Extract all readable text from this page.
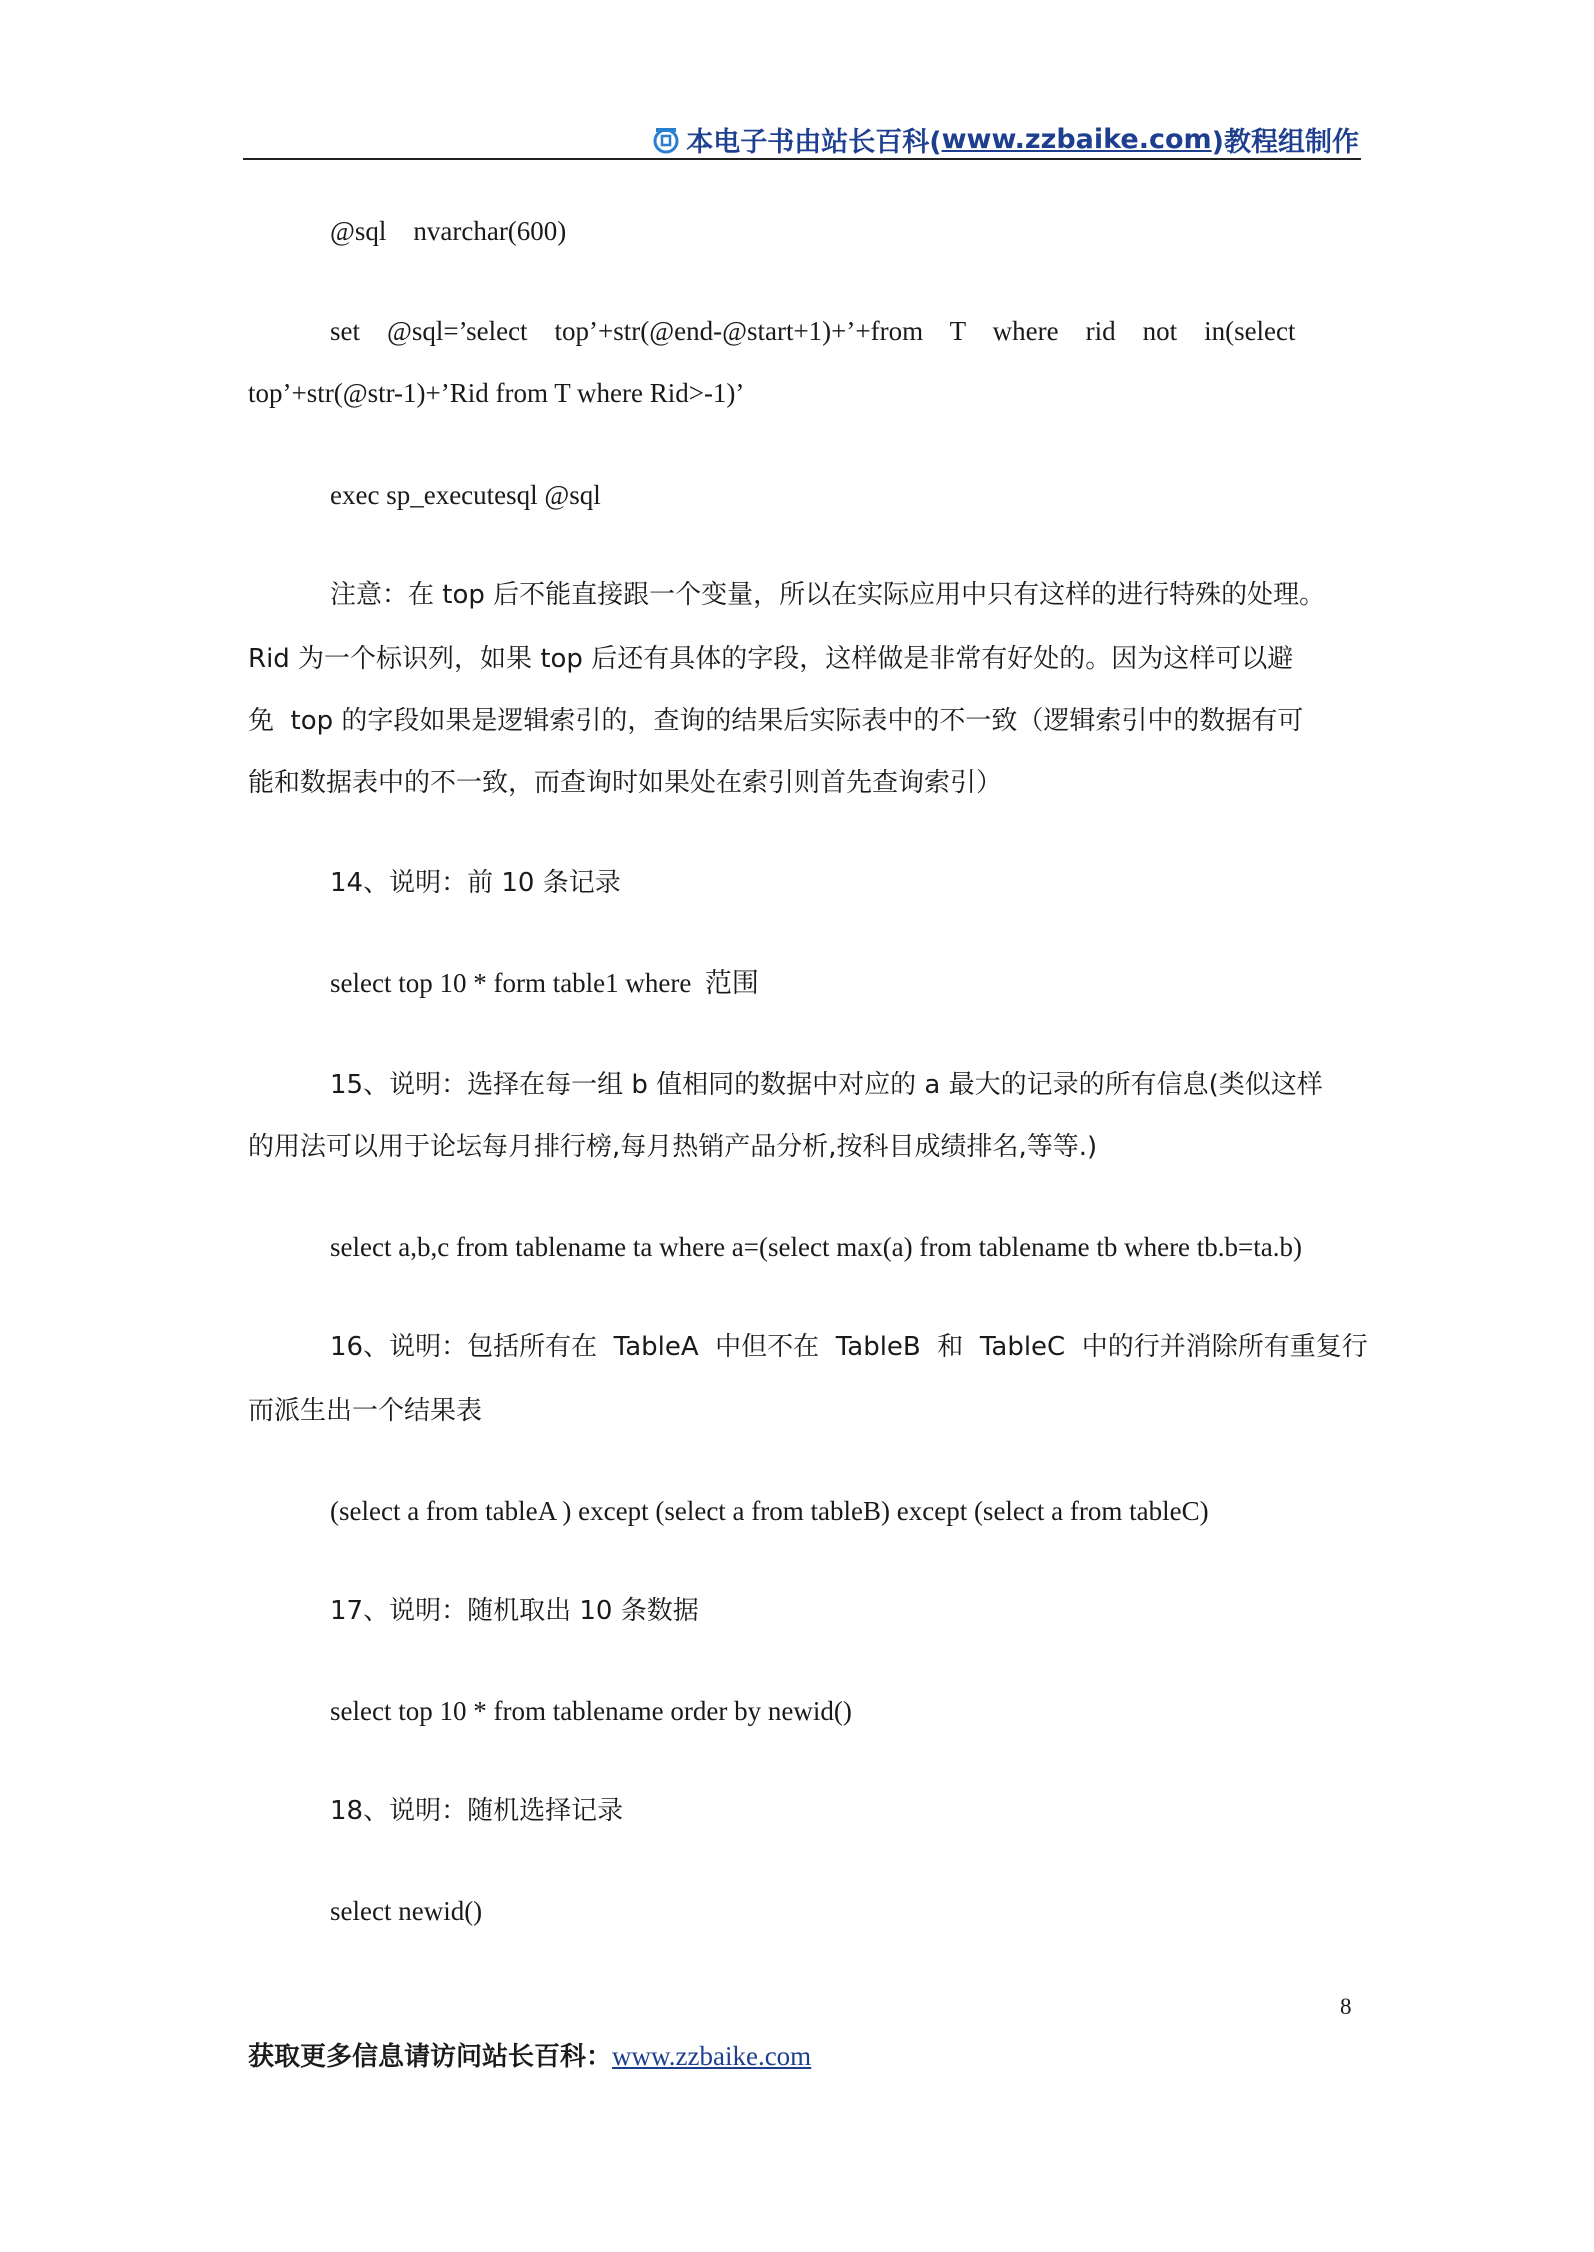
本电子书由站长百科( www.zzbaike.com )教程组制作
@sql    nvarchar(600)
set    @sql=’select    top’+str(@end-@start+1)+’+from    T    where    rid    not    in(select
top’+str(@str-1)+’Rid from T where Rid>-1)’
exec sp_executesql @sql
注意：在 top 后不能直接跟一个变量，所以在实际应用中只有这样的进行特殊的处理。
Rid 为一个标识列，如果 top 后还有具体的字段，这样做是非常有好处的。因为这样可以避
免  top 的字段如果是逻辑索引的，查询的结果后实际表中的不一致（逻辑索引中的数据有可
能和数据表中的不一致，而查询时如果处在索引则首先查询索引）
14、说明：前 10 条记录
select top 10 * form table1 where  范围
15、说明：选择在每一组 b 值相同的数据中对应的 a 最大的记录的所有信息(类似这样
的用法可以用于论坛每月排行榜,每月热销产品分析,按科目成绩排名,等等.)
select a,b,c from tablename ta where a=(select max(a) from tablename tb where tb.b=ta.b)
16、说明：包括所有在  TableA  中但不在  TableB  和  TableC  中的行并消除所有重复行
而派生出一个结果表
(select a from tableA ) except (select a from tableB) except (select a from tableC)
17、说明：随机取出 10 条数据
select top 10 * from tablename order by newid()
18、说明：随机选择记录
select newid()
8
获取更多信息请访问站长百科：www.zzbaike.com
